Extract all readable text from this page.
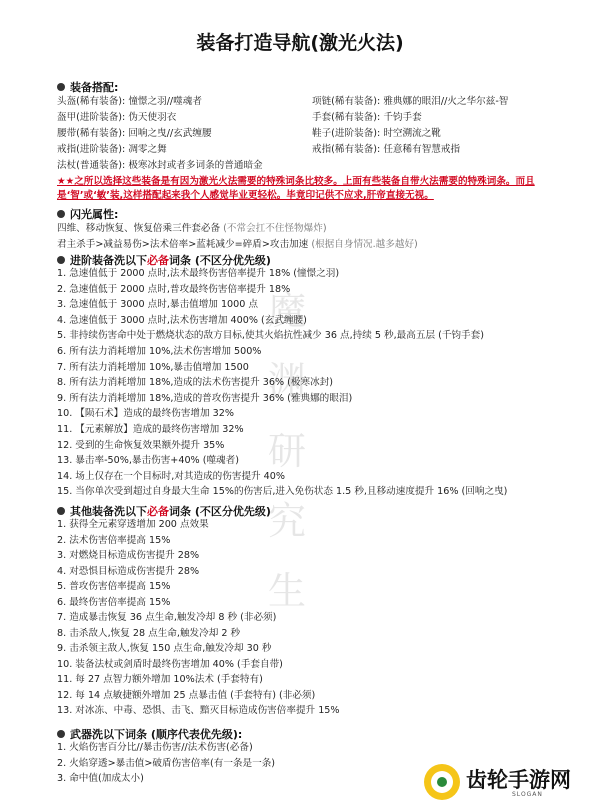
装备打造导航(激光火法)
魔
渊
研
究
生
装备搭配:
头盔(稀有装备): 憧憬之羽//噬魂者
盔甲(进阶装备): 伪天使羽衣
腰带(稀有装备): 回响之曳//玄武缠腰
戒指(进阶装备): 凋零之舞
法杖(普通装备): 极寒冰封或者多词条的普通暗金
项链(稀有装备): 雅典娜的眼泪//火之华尔兹-智
手套(稀有装备): 千钧手套
鞋子(进阶装备): 时空溯流之靴
戒指(稀有装备): 任意稀有智慧戒指
★★之所以选择这些装备是有因为激光火法需要的特殊词条比较多。上面有些装备自带火法需要的特殊词条。而且是‘智’或‘敏’装,这样搭配起来我个人感觉毕业更轻松。毕竟印记供不应求,肝帝直接无视。
闪光属性:
四维、移动恢复、恢复倍乘三件套必备 (不常会扛不住怪物爆炸)
君主杀手>减益易伤>法术倍率>蓝耗减少=碎盾>攻击加速 (根据自身情况.越多越好)
进阶装备洗以下必备词条 (不区分优先级)
1. 急速值低于 2000 点时,法术最终伤害倍率提升 18% (憧憬之羽)
2. 急速值低于 2000 点时,普攻最终伤害倍率提升 18%
3. 急速值低于 3000 点时,暴击值增加 1000 点
4. 急速值低于 3000 点时,法术伤害增加 400% (玄武缠腰)
5. 非持续伤害命中处于燃烧状态的敌方目标,使其火焰抗性减少 36 点,持续 5 秒,最高五层 (千钧手套)
6. 所有法力消耗增加 10%,法术伤害增加 500%
7. 所有法力消耗增加 10%,暴击值增加 1500
8. 所有法力消耗增加 18%,造成的法术伤害提升 36% (极寒冰封)
9. 所有法力消耗增加 18%,造成的普攻伤害提升 36% (雅典娜的眼泪)
10. 【陨石术】造成的最终伤害增加 32%
11. 【元素解放】造成的最终伤害增加 32%
12. 受到的生命恢复效果额外提升 35%
13. 暴击率-50%,暴击伤害+40% (噬魂者)
14. 场上仅存在一个目标时,对其造成的伤害提升 40%
15. 当你单次受到超过自身最大生命 15%的伤害后,进入免伤状态 1.5 秒,且移动速度提升 16% (回响之曳)
其他装备洗以下必备词条 (不区分优先级)
1. 获得全元素穿透增加 200 点效果
2. 法术伤害倍率提高 15%
3. 对燃烧目标造成伤害提升 28%
4. 对恐惧目标造成伤害提升 28%
5. 普攻伤害倍率提高 15%
6. 最终伤害倍率提高 15%
7. 造成暴击恢复 36 点生命,触发冷却 8 秒 (非必须)
8. 击杀敌人,恢复 28 点生命,触发冷却 2 秒
9. 击杀领主敌人,恢复 150 点生命,触发冷却 30 秒
10. 装备法杖或剑盾时最终伤害增加 40% (手套自带)
11. 每 27 点智力额外增加 10%法术 (手套特有)
12. 每 14 点敏捷额外增加 25 点暴击值 (手套特有) (非必须)
13. 对冰冻、中毒、恐惧、击飞、黯灭目标造成伤害倍率提升 15%
武器洗以下词条 (顺序代表优先级):
1. 火焰伤害百分比//暴击伤害//法术伤害(必备)
2. 火焰穿透>暴击值>破盾伤害倍率(有一条是一条)
3. 命中值(加成太小)	齿轮手游网
SLOGAN
